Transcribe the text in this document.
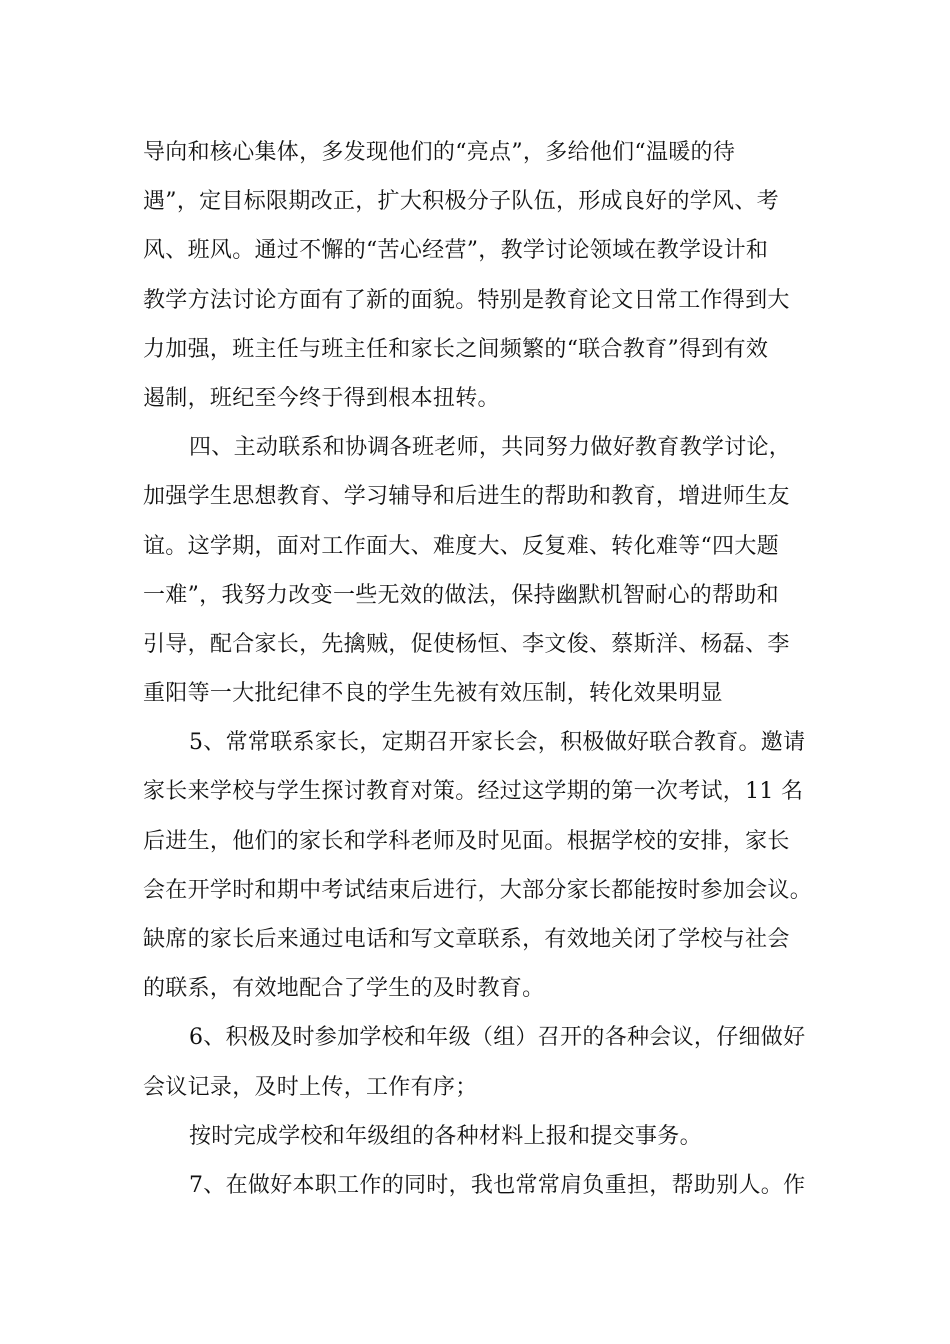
导向和核心集体，多发现他们的“亮点”，多给他们“温暖的待
遇”，定目标限期改正，扩大积极分子队伍，形成良好的学风、考
风、班风。通过不懈的“苦心经营”，教学讨论领域在教学设计和
教学方法讨论方面有了新的面貌。特别是教育论文日常工作得到大
力加强，班主任与班主任和家长之间频繁的“联合教育”得到有效
遏制，班纪至今终于得到根本扭转。
四、主动联系和协调各班老师，共同努力做好教育教学讨论，
加强学生思想教育、学习辅导和后进生的帮助和教育，增进师生友
谊。这学期，面对工作面大、难度大、反复难、转化难等“四大题
一难”，我努力改变一些无效的做法，保持幽默机智耐心的帮助和
引导，配合家长，先擒贼，促使杨恒、李文俊、蔡斯洋、杨磊、李
重阳等一大批纪律不良的学生先被有效压制，转化效果明显
5、常常联系家长，定期召开家长会，积极做好联合教育。邀请
家长来学校与学生探讨教育对策。经过这学期的第一次考试，11 名
后进生，他们的家长和学科老师及时见面。根据学校的安排，家长
会在开学时和期中考试结束后进行，大部分家长都能按时参加会议。
缺席的家长后来通过电话和写文章联系，有效地关闭了学校与社会
的联系，有效地配合了学生的及时教育。
6、积极及时参加学校和年级（组）召开的各种会议，仔细做好
会议记录，及时上传，工作有序；
按时完成学校和年级组的各种材料上报和提交事务。
7、在做好本职工作的同时，我也常常肩负重担，帮助别人。作
